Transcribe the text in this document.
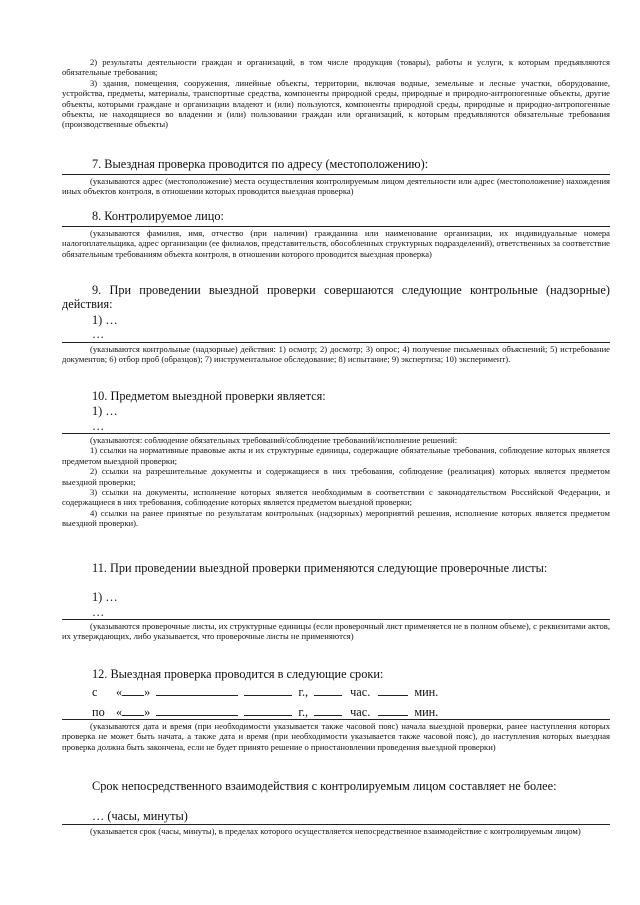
2) результаты деятельности граждан и организаций, в том числе продукция (товары), работы и услуги, к которым предъявляются обязательные требования;

3) здания, помещения, сооружения, линейные объекты, территории, включая водные, земельные и лесные участки, оборудование, устройства, предметы, материалы, транспортные средства, компоненты природной среды, природные и природно-антропогенные объекты, другие объекты, которыми граждане и организации владеют и (или) пользуются, компоненты природной среды, природные и природно-антропогенные объекты, не находящиеся во владении и (или) пользовании граждан или организаций, к которым предъявляются обязательные требования (производственные объекты)

7. Выездная проверка проводится по адресу (местоположению):

(указываются адрес (местоположение) места осуществления контролируемым лицом деятельности или адрес (местоположение) нахождения иных объектов контроля, в отношении которых проводится выездная проверка)

8. Контролируемое лицо:

(указываются фамилия, имя, отчество (при наличии) гражданина или наименование организации, их индивидуальные номера налогоплательщика, адрес организации (ее филиалов, представительств, обособленных структурных подразделений), ответственных за соответствие обязательным требованиям объекта контроля, в отношении которого проводится выездная проверка)

9. При проведении выездной проверки совершаются следующие контрольные (надзорные) действия:
1) …
…

(указываются контрольные (надзорные) действия: 1) осмотр; 2) досмотр; 3) опрос; 4) получение письменных объяснений; 5) истребование документов; 6) отбор проб (образцов); 7) инструментальное обследование; 8) испытание; 9) экспертиза; 10) эксперимент).

10. Предметом выездной проверки является:
1) …
…

(указываются: соблюдение обязательных требований/соблюдение требований/исполнение решений:

1) ссылки на нормативные правовые акты и их структурные единицы, содержащие обязательные требования, соблюдение которых является предметом выездной проверки;

2) ссылки на разрешительные документы и содержащиеся в них требования, соблюдение (реализация) которых является предметом выездной проверки;

3) ссылки на документы, исполнение которых является необходимым в соответствии с законодательством Российской Федерации, и содержащиеся в них требования, соблюдение которых является предметом выездной проверки;

4) ссылки на ранее принятые по результатам контрольных (надзорных) мероприятий решения, исполнение которых является предметом выездной проверки).

11. При проведении выездной проверки применяются следующие проверочные листы:
1) …
…

(указываются проверочные листы, их структурные единицы (если проверочный лист применяется не в полном объеме), с реквизитами актов, их утверждающих, либо указывается, что проверочные листы не применяются)

12. Выездная проверка проводится в следующие сроки:
с « »	г.,	час.	мин.
по « »	г.,	час.	мин.

(указываются дата и время (при необходимости указывается также часовой пояс) начала выездной проверки, ранее наступления которых проверка не может быть начата, а также дата и время (при необходимости указывается также часовой пояс), до наступления которых выездная проверка должна быть закончена, если не будет принято решение о приостановлении проведения выездной проверки)

Срок непосредственного взаимодействия с контролируемым лицом составляет не более:
… (часы, минуты)

(указывается срок (часы, минуты), в пределах которого осуществляется непосредственное взаимодействие с контролируемым лицом)
